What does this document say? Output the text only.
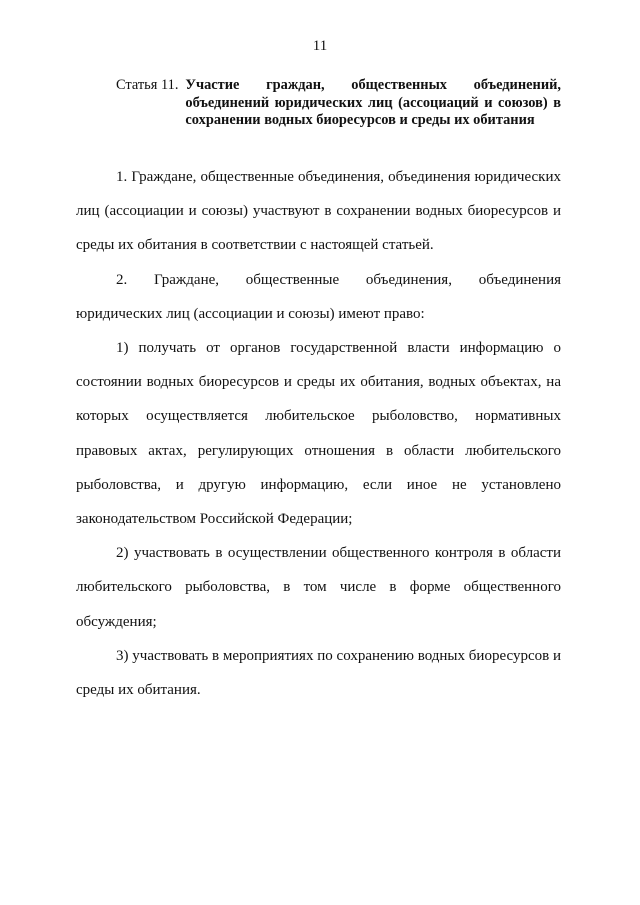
11
Статья 11. Участие граждан, общественных объединений, объединений юридических лиц (ассоциаций и союзов) в сохранении водных биоресурсов и среды их обитания

1. Граждане, общественные объединения, объединения юридических лиц (ассоциации и союзы) участвуют в сохранении водных биоресурсов и среды их обитания в соответствии с настоящей статьей.

2. Граждане, общественные объединения, объединения

юридических лиц (ассоциации и союзы) имеют право:

1) получать от органов государственной власти информацию о состоянии водных биоресурсов и среды их обитания, водных объектах, на которых осуществляется любительское рыболовство, нормативных правовых актах, регулирующих отношения в области любительского рыболовства, и другую информацию, если иное не установлено законодательством Российской Федерации;

2) участвовать в осуществлении общественного контроля в области любительского рыболовства, в том числе в форме общественного обсуждения;

3) участвовать в мероприятиях по сохранению водных биоресурсов и среды их обитания.
